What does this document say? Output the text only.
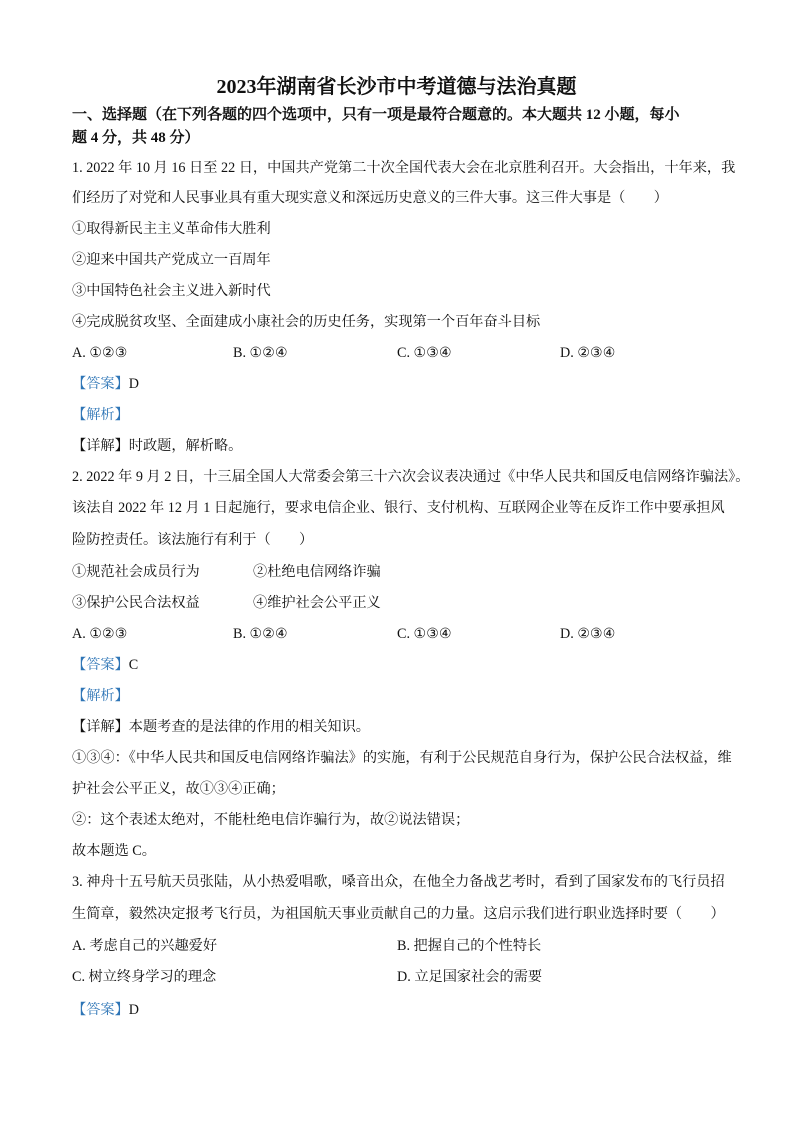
2023年湖南省长沙市中考道德与法治真题
一、选择题（在下列各题的四个选项中，只有一项是最符合题意的。本大题共 12 小题，每小
题 4 分，共 48 分）
1. 2022 年 10 月 16 日至 22 日，中国共产党第二十次全国代表大会在北京胜利召开。大会指出，十年来，我
们经历了对党和人民事业具有重大现实意义和深远历史意义的三件大事。这三件大事是（　　）
①取得新民主主义革命伟大胜利
②迎来中国共产党成立一百周年
③中国特色社会主义进入新时代
④完成脱贫攻坚、全面建成小康社会的历史任务，实现第一个百年奋斗目标
A. ①②③	B. ①②④	C. ①③④	D. ②③④
【答案】D
【解析】
【详解】时政题，解析略。
2. 2022 年 9 月 2 日，十三届全国人大常委会第三十六次会议表决通过《中华人民共和国反电信网络诈骗法》。
该法自 2022 年 12 月 1 日起施行，要求电信企业、银行、支付机构、互联网企业等在反诈工作中要承担风
险防控责任。该法施行有利于（　　）
①规范社会成员行为	②杜绝电信网络诈骗
③保护公民合法权益	④维护社会公平正义
A. ①②③	B. ①②④	C. ①③④	D. ②③④
【答案】C
【解析】
【详解】本题考查的是法律的作用的相关知识。
①③④：《中华人民共和国反电信网络诈骗法》的实施，有利于公民规范自身行为，保护公民合法权益，维
护社会公平正义，故①③④正确；
②：这个表述太绝对，不能杜绝电信诈骗行为，故②说法错误；
故本题选 C。
3. 神舟十五号航天员张陆，从小热爱唱歌，嗓音出众，在他全力备战艺考时，看到了国家发布的飞行员招
生简章，毅然决定报考飞行员，为祖国航天事业贡献自己的力量。这启示我们进行职业选择时要（　　）
A. 考虑自己的兴趣爱好	B. 把握自己的个性特长
C. 树立终身学习的理念	D. 立足国家社会的需要
【答案】D
